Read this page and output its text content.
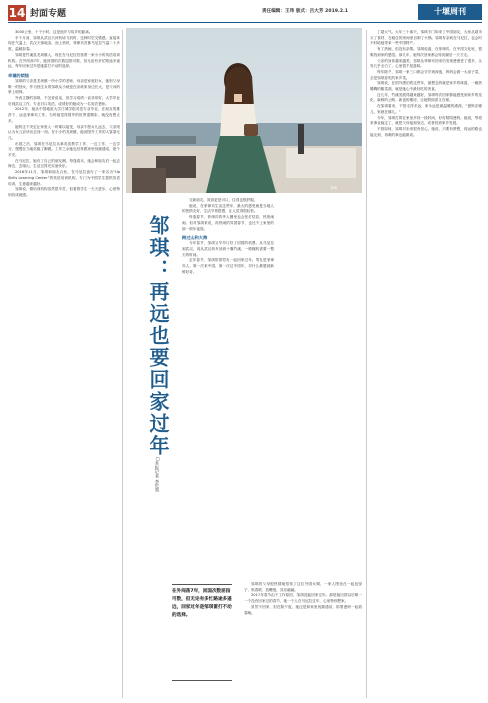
14 封面专题	责任编辑：王玮 版式：吕大芳 2019.2.1	十堰周刊

3000公里，十个小时，这是他乡与故乡的距离。

半个月前，邹琪从武汉天河机场飞机时，这种时空交错感。直接体现在气温上，武汉天寒地冻，而上机时，菲律宾首都马尼拉气温二十多度，温暖如春。

邹琪是竹溪县龙坝镇人，现在在马尼拉经营着一家小小的英语培训机构。在外闯荡7年，她回国的次数屈指可数，但无论有多忙路途多遥远，每年回家过年是她雷打不动的选择。

幸福的烦恼

邹琪的父亲是龙坝镇一所小学的老师，母亲是家庭妇女，她则父母唯一的独女，作为独生女的邹琪从小就是在亲戚家身边长大，是父母的掌上明珠。

外表文静的邹琪，不怎爱说话，但学习成绩一直非常好。大学毕业后到武汉工作，专业对口英语，成绩好的她成为一名英语老师。

2012年，她从中国地质大学江城学院英语专业毕业，在朋友的推荐下，远赴菲律宾工作。当时她觉得国外的世界很精彩，就没有想太多。

她的这个决定让家里人一时难以接受，母亲不愿女儿远去，父亲则认为女儿应该出去闯一闯。在小小的龙坝镇，能到国外工作的人寥寥无几。

出国之后，邹琪在马尼拉从事英语教学工作，一边工作，一边学习，慢慢在当地站稳了脚跟。工作之余她也经常跟家里视频通话，报个平安。

在马尼拉，她有了自己的朋友圈，每逢周末，她会和朋友们一起去海边、去爬山，生活过得充实而快乐。

2016年11月，邹琪和朋友合伙，在马尼拉创办了一家名为“Up Skills Learning Center”的英语培训机构，专门为中国学生提供英语培训，生意越来越好。

邹琪说，做培训机构虽然很辛苦，但看着学生一天天进步，心里特别有成就感。

邹琪
邹琪：再远也要回家过年
□本报记者 李世震

交新朋友。饭食更是可口，住得也很舒服。

她说，在菲律宾生活这些年，最大的感受就是当地人的热情友好，生活节奏很慢，让人觉得很轻松。

每逢春节，菲律宾的华人圈里也会张灯结彩，热热闹闹。但对邹琪来说，再热闹的异国春节，也比不上家里的那一顿年夜饭。

跨过山和大海

今年春节，邹琪又早早订好了回国的机票。从马尼拉到武汉，再从武汉转车回到十堰竹溪，一路辗转需要一整天的时间。

去年春节，邹琪带着男友一起回家过年。男友是菲律宾人，第一次来中国，第一次过中国年，对什么都感到新鲜好奇。

在外闯荡7年，回国次数屈指可数，但无论有多忙路途多遥远，回家过年是邹琪雷打不动的选择。

邹琪的父母很热情地招待了这位外国女婿，一家人围坐在一起包饺子、贴春联、放鞭炮，其乐融融。

2017年春节由于工作原因，邹琪没能回家过年。那是她出国以后唯一一个没有回家过的春节，她一个人在马尼拉过年，心里特别想家。

虽然不回家，但在除夕夜，她还是和家里视频通话，陪着爸妈一起看春晚。

了超大气。大年三十那天，邹琪专门叫来了中国朋友，大家从超市买了食材，在租住的房间里自制了火锅。邹琪有亲戚在马尼拉，也会时不时给她带来一些中国特产。

有了热闹，但没有亲情。邹琪说道，在菲律宾，在中国文化里，很难找到家的感觉。那几年，她每次回家都会待到最后一天才走。

父亲的身体越来越差，邹琪从菲律宾回来后发现爸爸老了很多，头发几乎全白了，心里很不是滋味。

每年除夕，邹琪一家三口都会守岁到深夜，妈妈会做一大桌子菜，全是邹琪爱吃的家乡菜。

邹琪说，在国外漂泊的这些年，最想念的就是家乡的味道，一碗热腾腾的酸菜面，就是她心中最好吃的美食。

这几年，竹溪发展得越来越好，邹琪每次回家都能感受到家乡的变化，新修的公路、新盖的楼房，让她既惊喜又自豪。

在邹琪看来，不管走得多远，家永远是最温暖的港湾。“爸妈在哪儿，家就在哪儿。”

今年，邹琪打算在家里多待一段时间，好好陪陪爸妈。她说，等将来事业稳定了，就把父母接到身边，或者回到家乡发展。

不管如何，邹琪对未来很有信心。她说，只要有梦想，再远的路也能走到，再难的事也能做成。
